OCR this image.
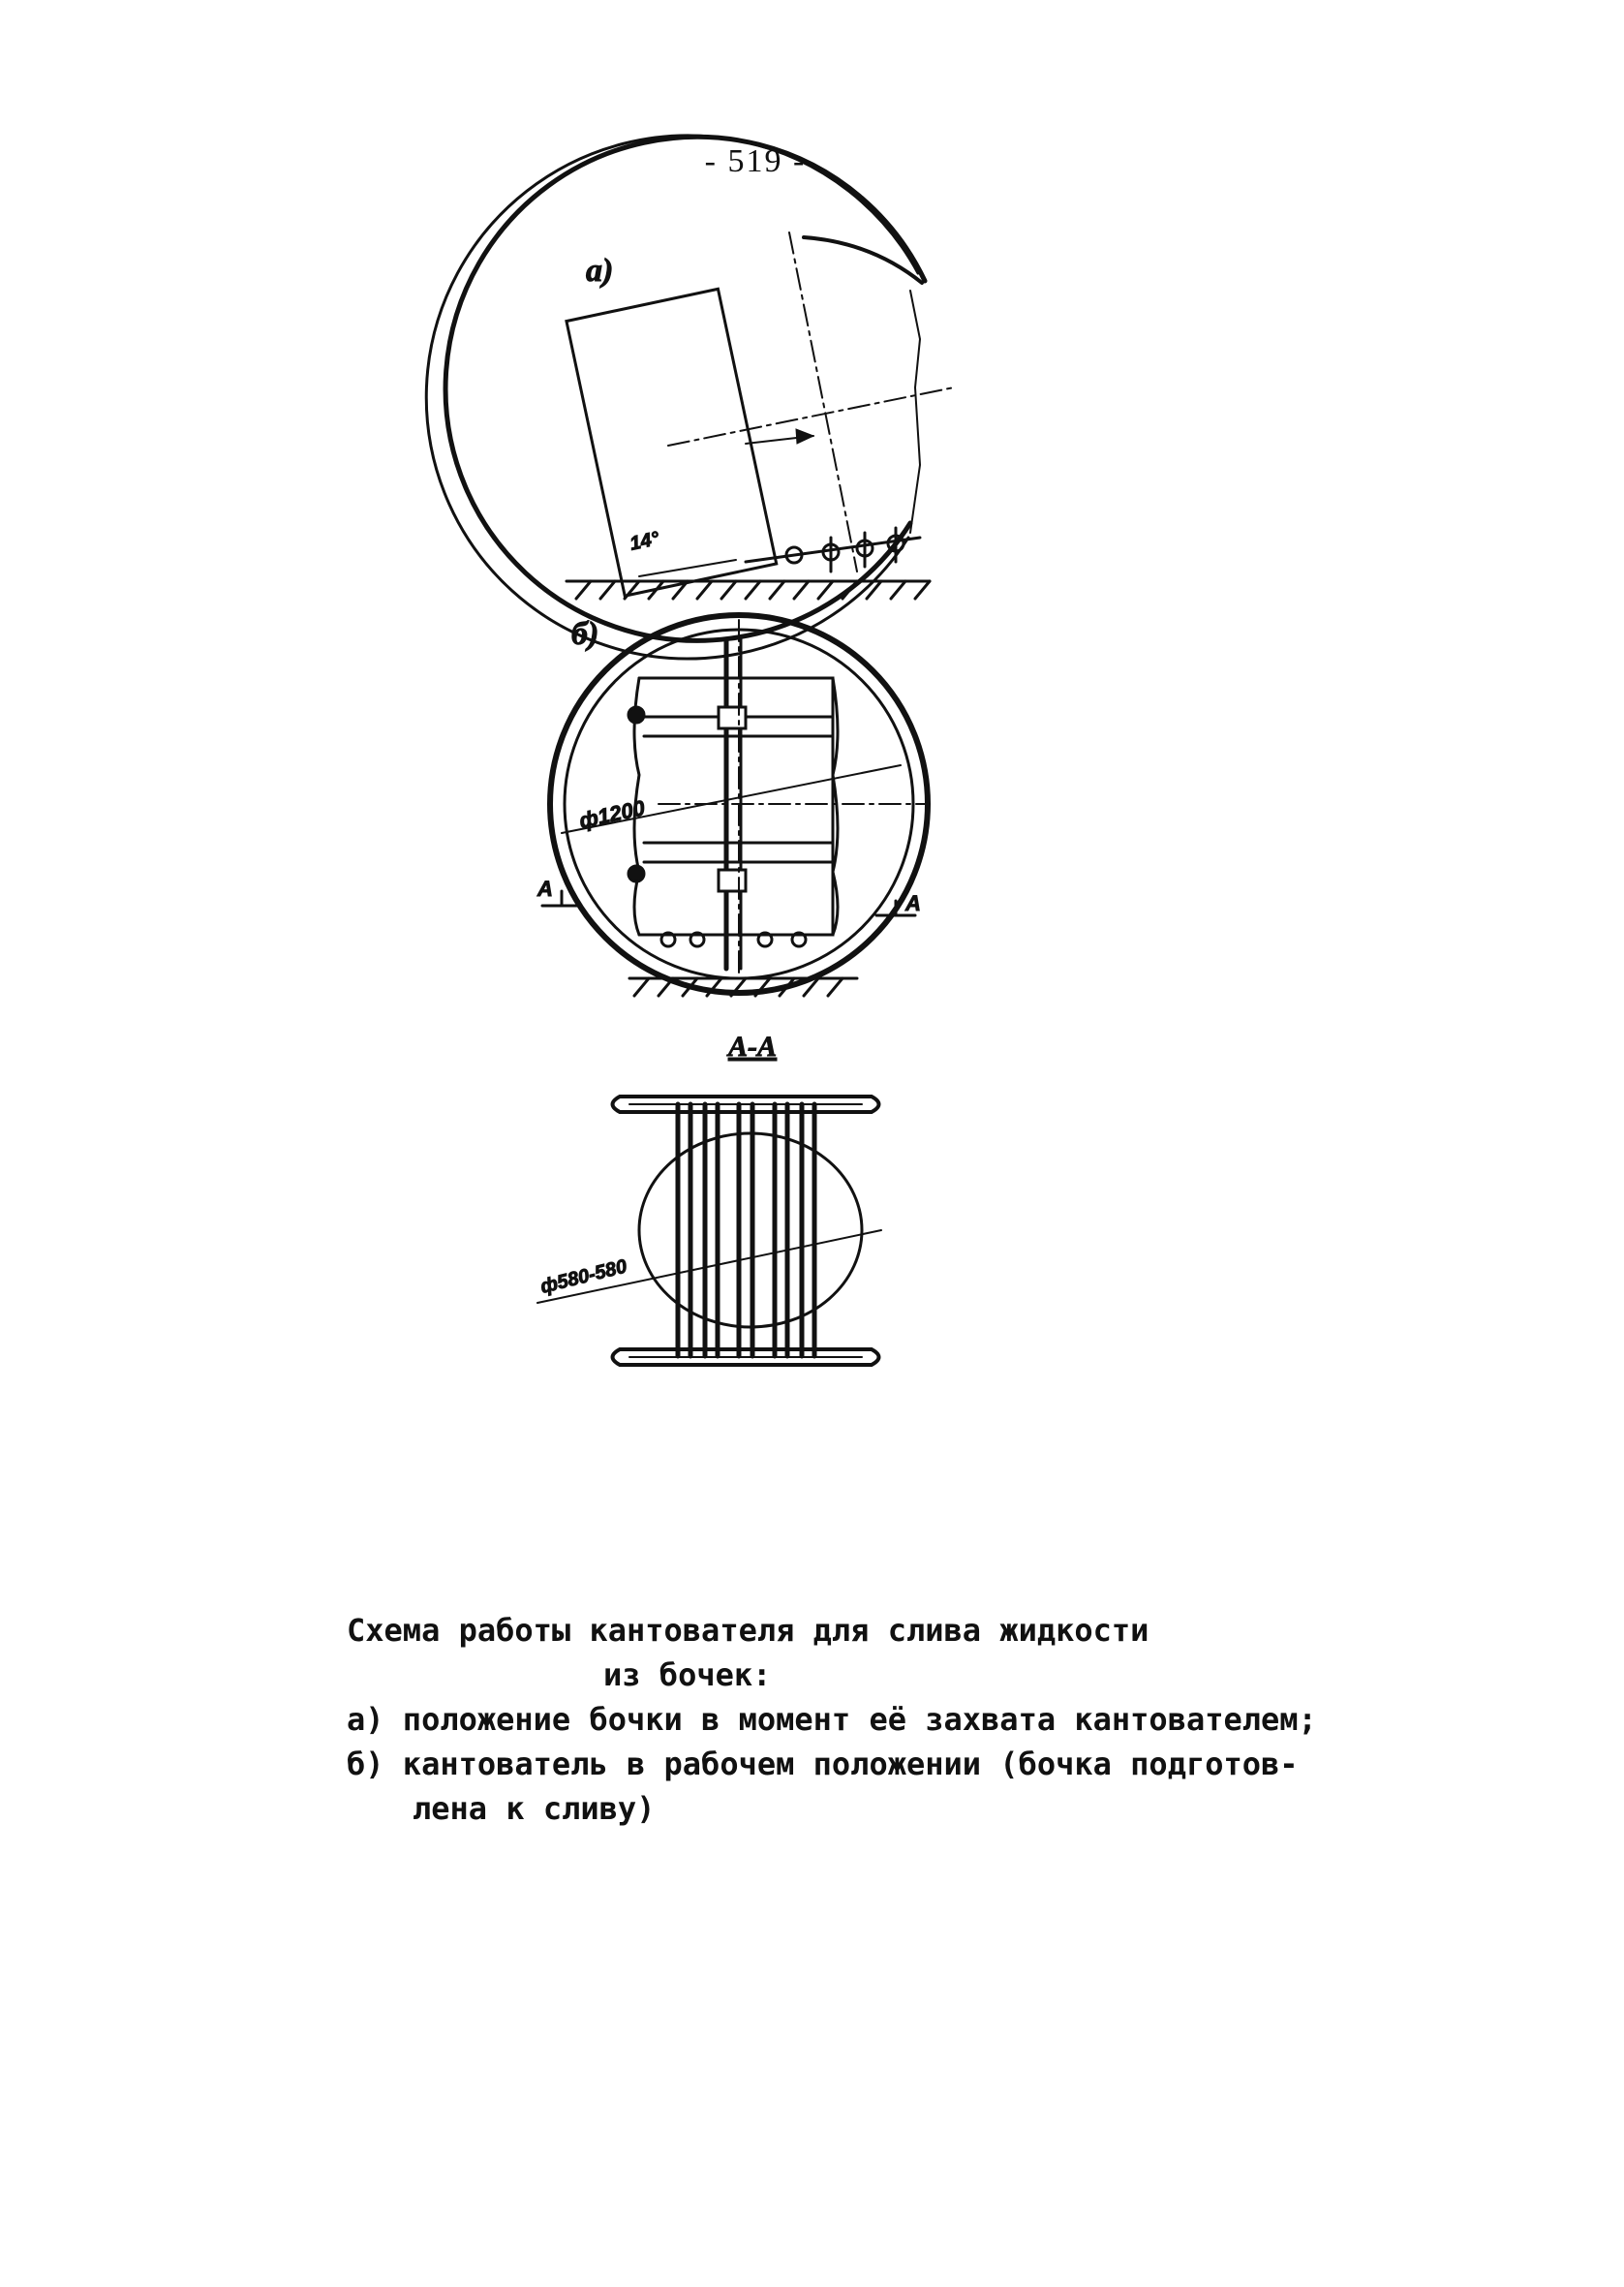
- 519 -
а)
14°
б)
ф1200
А
А
А-А
ф580-580
Схема работы кантователя для слива жидкости
из бочек:
а) положение бочки в момент её захвата кантователем;
б) кантователь в рабочем положении (бочка подготов-
лена к сливу)
